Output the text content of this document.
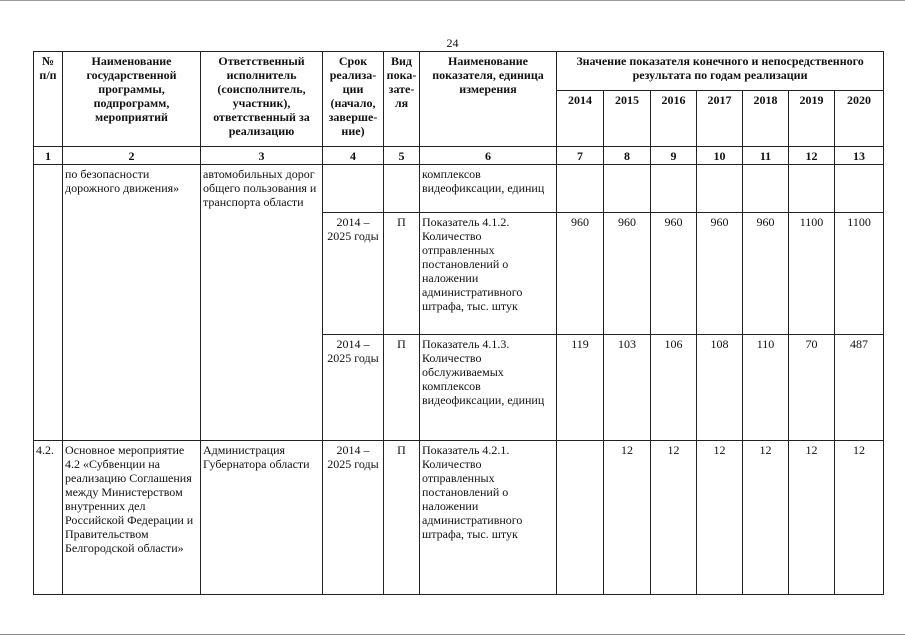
24
№ п/п	Наименование государственной программы, подпрограмм, мероприятий	Ответственный исполнитель (соисполнитель, участник), ответственный за реализацию	Срок реализа-ции (начало, заверше-ние)	Вид пока-зате-ля	Наименование показателя, единица измерения	Значение показателя конечного и непосредственного результата по годам реализации						
						2014	2015	2016	2017	2018	2019	2020
1	2	3	4	5	6	7	8	9	10	11	12	13
	по безопасности дорожного движения»	автомобильных дорог общего пользования и транспорта области			комплексов видеофиксации, единиц							
			2014 – 2025 годы	П	Показатель 4.1.2. Количество отправленных постановлений о наложении административного штрафа, тыс. штук	960	960	960	960	960	1100	1100
			2014 – 2025 годы	П	Показатель 4.1.3. Количество обслуживаемых комплексов видеофиксации, единиц	119	103	106	108	110	70	487
4.2.	Основное мероприятие 4.2 «Субвенции на реализацию Соглашения между Министерством внутренних дел Российской Федерации и Правительством Белгородской области»	Администрация Губернатора области	2014 – 2025 годы	П	Показатель 4.2.1. Количество отправленных постановлений о наложении административного штрафа, тыс. штук		12	12	12	12	12	12
